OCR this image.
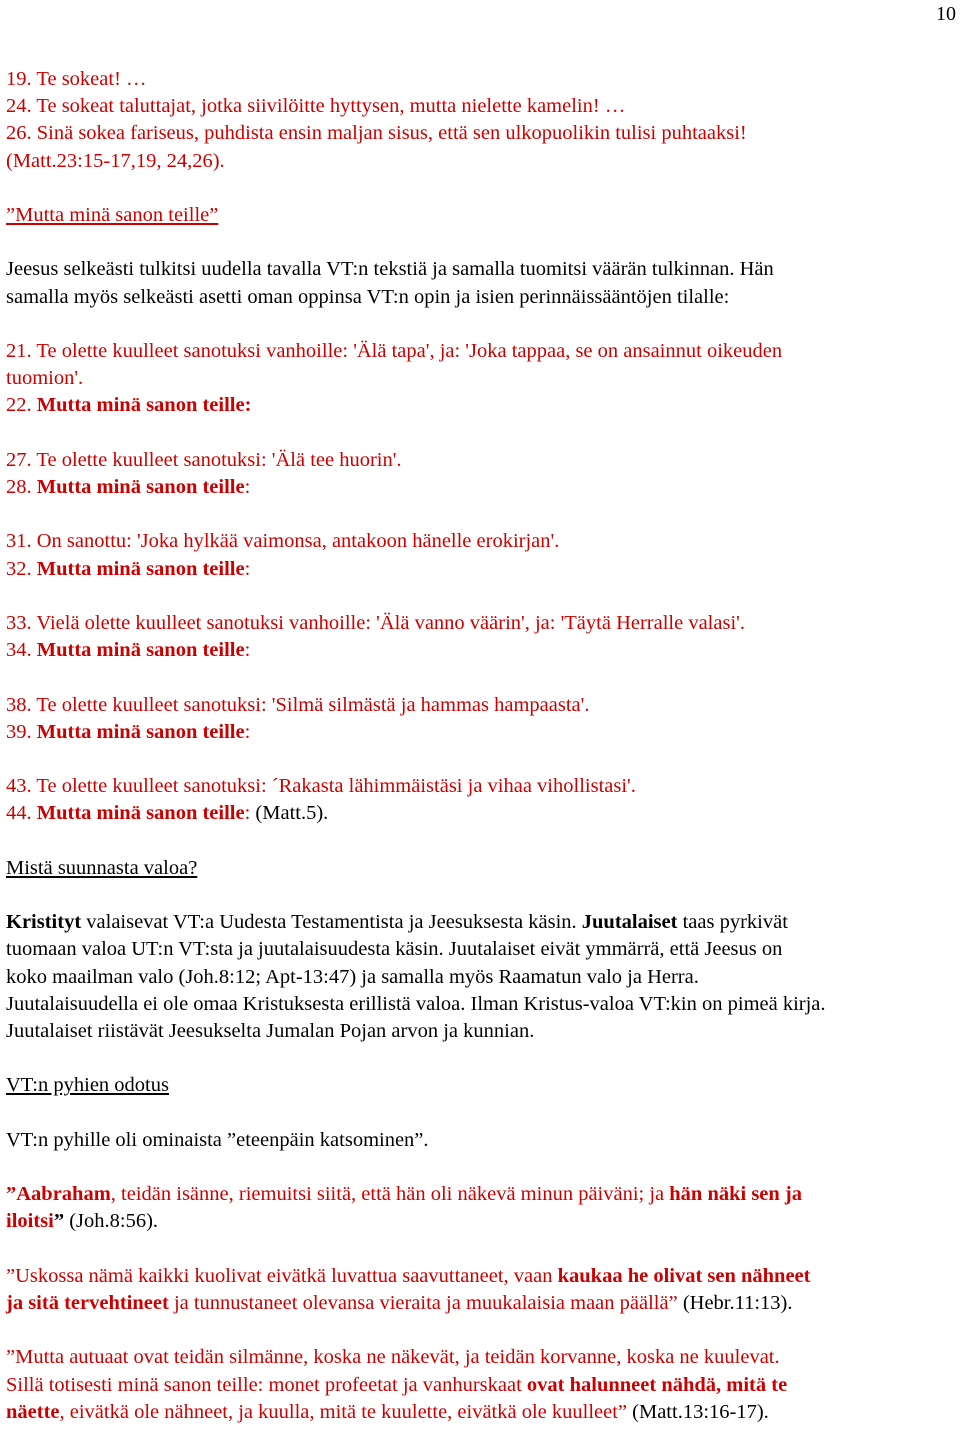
10

19. Te sokeat! …

24. Te sokeat taluttajat, jotka siivilöitte hyttysen, mutta nielette kamelin! …

26. Sinä sokea fariseus, puhdista ensin maljan sisus, että sen ulkopuolikin tulisi puhtaaksi!

(Matt.23:15-17,19, 24,26).

”Mutta minä sanon teille”

Jeesus selkeästi tulkitsi uudella tavalla VT:n tekstiä ja samalla tuomitsi väärän tulkinnan. Hän

samalla myös selkeästi asetti oman oppinsa VT:n opin ja isien perinnäissääntöjen tilalle:

21. Te olette kuulleet sanotuksi vanhoille: 'Älä tapa', ja: 'Joka tappaa, se on ansainnut oikeuden

tuomion'.

22. Mutta minä sanon teille:

27. Te olette kuulleet sanotuksi: 'Älä tee huorin'.

28. Mutta minä sanon teille:

31. On sanottu: 'Joka hylkää vaimonsa, antakoon hänelle erokirjan'.

32. Mutta minä sanon teille:

33. Vielä olette kuulleet sanotuksi vanhoille: 'Älä vanno väärin', ja: 'Täytä Herralle valasi'.

34. Mutta minä sanon teille:

38. Te olette kuulleet sanotuksi: 'Silmä silmästä ja hammas hampaasta'.

39. Mutta minä sanon teille:

43. Te olette kuulleet sanotuksi: ´Rakasta lähimmäistäsi ja vihaa vihollistasi'.

44. Mutta minä sanon teille: (Matt.5).

Mistä suunnasta valoa?

Kristityt valaisevat VT:a Uudesta Testamentista ja Jeesuksesta käsin. Juutalaiset taas pyrkivät

tuomaan valoa UT:n VT:sta ja juutalaisuudesta käsin. Juutalaiset eivät ymmärrä, että Jeesus on

koko maailman valo (Joh.8:12; Apt-13:47) ja samalla myös Raamatun valo ja Herra.

Juutalaisuudella ei ole omaa Kristuksesta erillistä valoa. Ilman Kristus-valoa VT:kin on pimeä kirja.

Juutalaiset riistävät Jeesukselta Jumalan Pojan arvon ja kunnian.

VT:n pyhien odotus

VT:n pyhille oli ominaista ”eteenpäin katsominen”.

”Aabraham, teidän isänne, riemuitsi siitä, että hän oli näkevä minun päiväni; ja hän näki sen ja

iloitsi” (Joh.8:56).

”Uskossa nämä kaikki kuolivat eivätkä luvattua saavuttaneet, vaan kaukaa he olivat sen nähneet

ja sitä tervehtineet ja tunnustaneet olevansa vieraita ja muukalaisia maan päällä” (Hebr.11:13).

”Mutta autuaat ovat teidän silmänne, koska ne näkevät, ja teidän korvanne, koska ne kuulevat.

Sillä totisesti minä sanon teille: monet profeetat ja vanhurskaat ovat halunneet nähdä, mitä te

näette, eivätkä ole nähneet, ja kuulla, mitä te kuulette, eivätkä ole kuulleet” (Matt.13:16-17).
